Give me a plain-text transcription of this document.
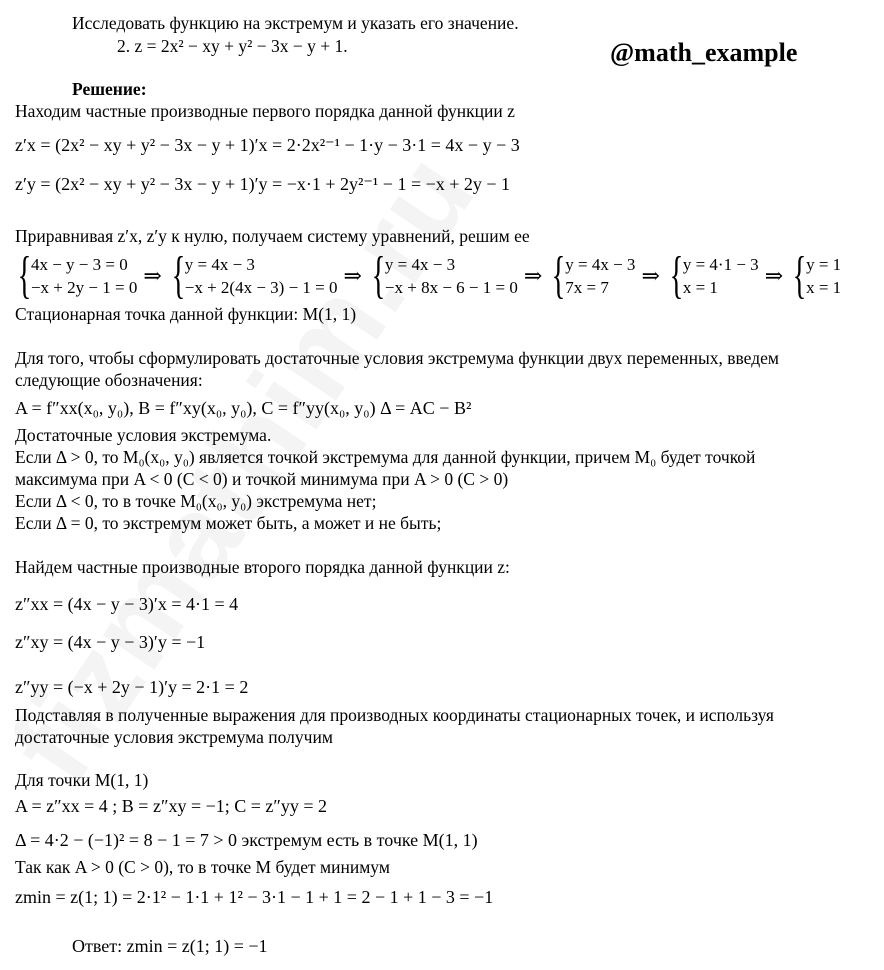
@math_example
Исследовать функцию на экстремум и указать его значение.
2. z = 2x² − xy + y² − 3x − y + 1.
Решение:
Находим частные производные первого порядка данной функции z
z′x = (2x² − xy + y² − 3x − y + 1)′x = 2·2x²⁻¹ − 1·y − 3·1 = 4x − y − 3
z′y = (2x² − xy + y² − 3x − y + 1)′y = −x·1 + 2y²⁻¹ − 1 = −x + 2y − 1
Приравнивая z′x, z′y к нулю, получаем систему уравнений, решим ее
{ 4x − y − 3 = 0
−x + 2y − 1 = 0 ⇒ { y = 4x − 3
−x + 2(4x − 3) − 1 = 0 ⇒ { y = 4x − 3
−x + 8x − 6 − 1 = 0 ⇒ { y = 4x − 3
7x = 7	⇒ { y = 4·1 − 3
x = 1	⇒ { y = 1
x = 1
Стационарная точка данной функции: M(1, 1)
Для того, чтобы сформулировать достаточные условия экстремума функции двух переменных, введем
следующие обозначения:
A = f″xx(x₀, y₀), B = f″xy(x₀, y₀), C = f″yy(x₀, y₀) Δ = AC − B²
Достаточные условия экстремума.
Если Δ > 0, то M₀(x₀, y₀) является точкой экстремума для данной функции, причем M₀ будет точкой
максимума при A < 0 (C < 0) и точкой минимума при A > 0 (C > 0)
Если Δ < 0, то в точке M₀(x₀, y₀) экстремума нет;
Если Δ = 0, то экстремум может быть, а может и не быть;
Найдем частные производные второго порядка данной функции z:
z″xx = (4x − y − 3)′x = 4·1 = 4
z″xy = (4x − y − 3)′y = −1
z″yy = (−x + 2y − 1)′y = 2·1 = 2
Подставляя в полученные выражения для производных координаты стационарных точек, и используя
достаточные условия экстремума получим
Для точки M(1, 1)
A = z″xx = 4 ; B = z″xy = −1; C = z″yy = 2
Δ = 4·2 − (−1)² = 8 − 1 = 7 > 0 экстремум есть в точке M(1, 1)
Так как A > 0 (C > 0), то в точке M будет минимум
zmin = z(1; 1) = 2·1² − 1·1 + 1² − 3·1 − 1 + 1 = 2 − 1 + 1 − 3 = −1
Ответ: zmin = z(1; 1) = −1
